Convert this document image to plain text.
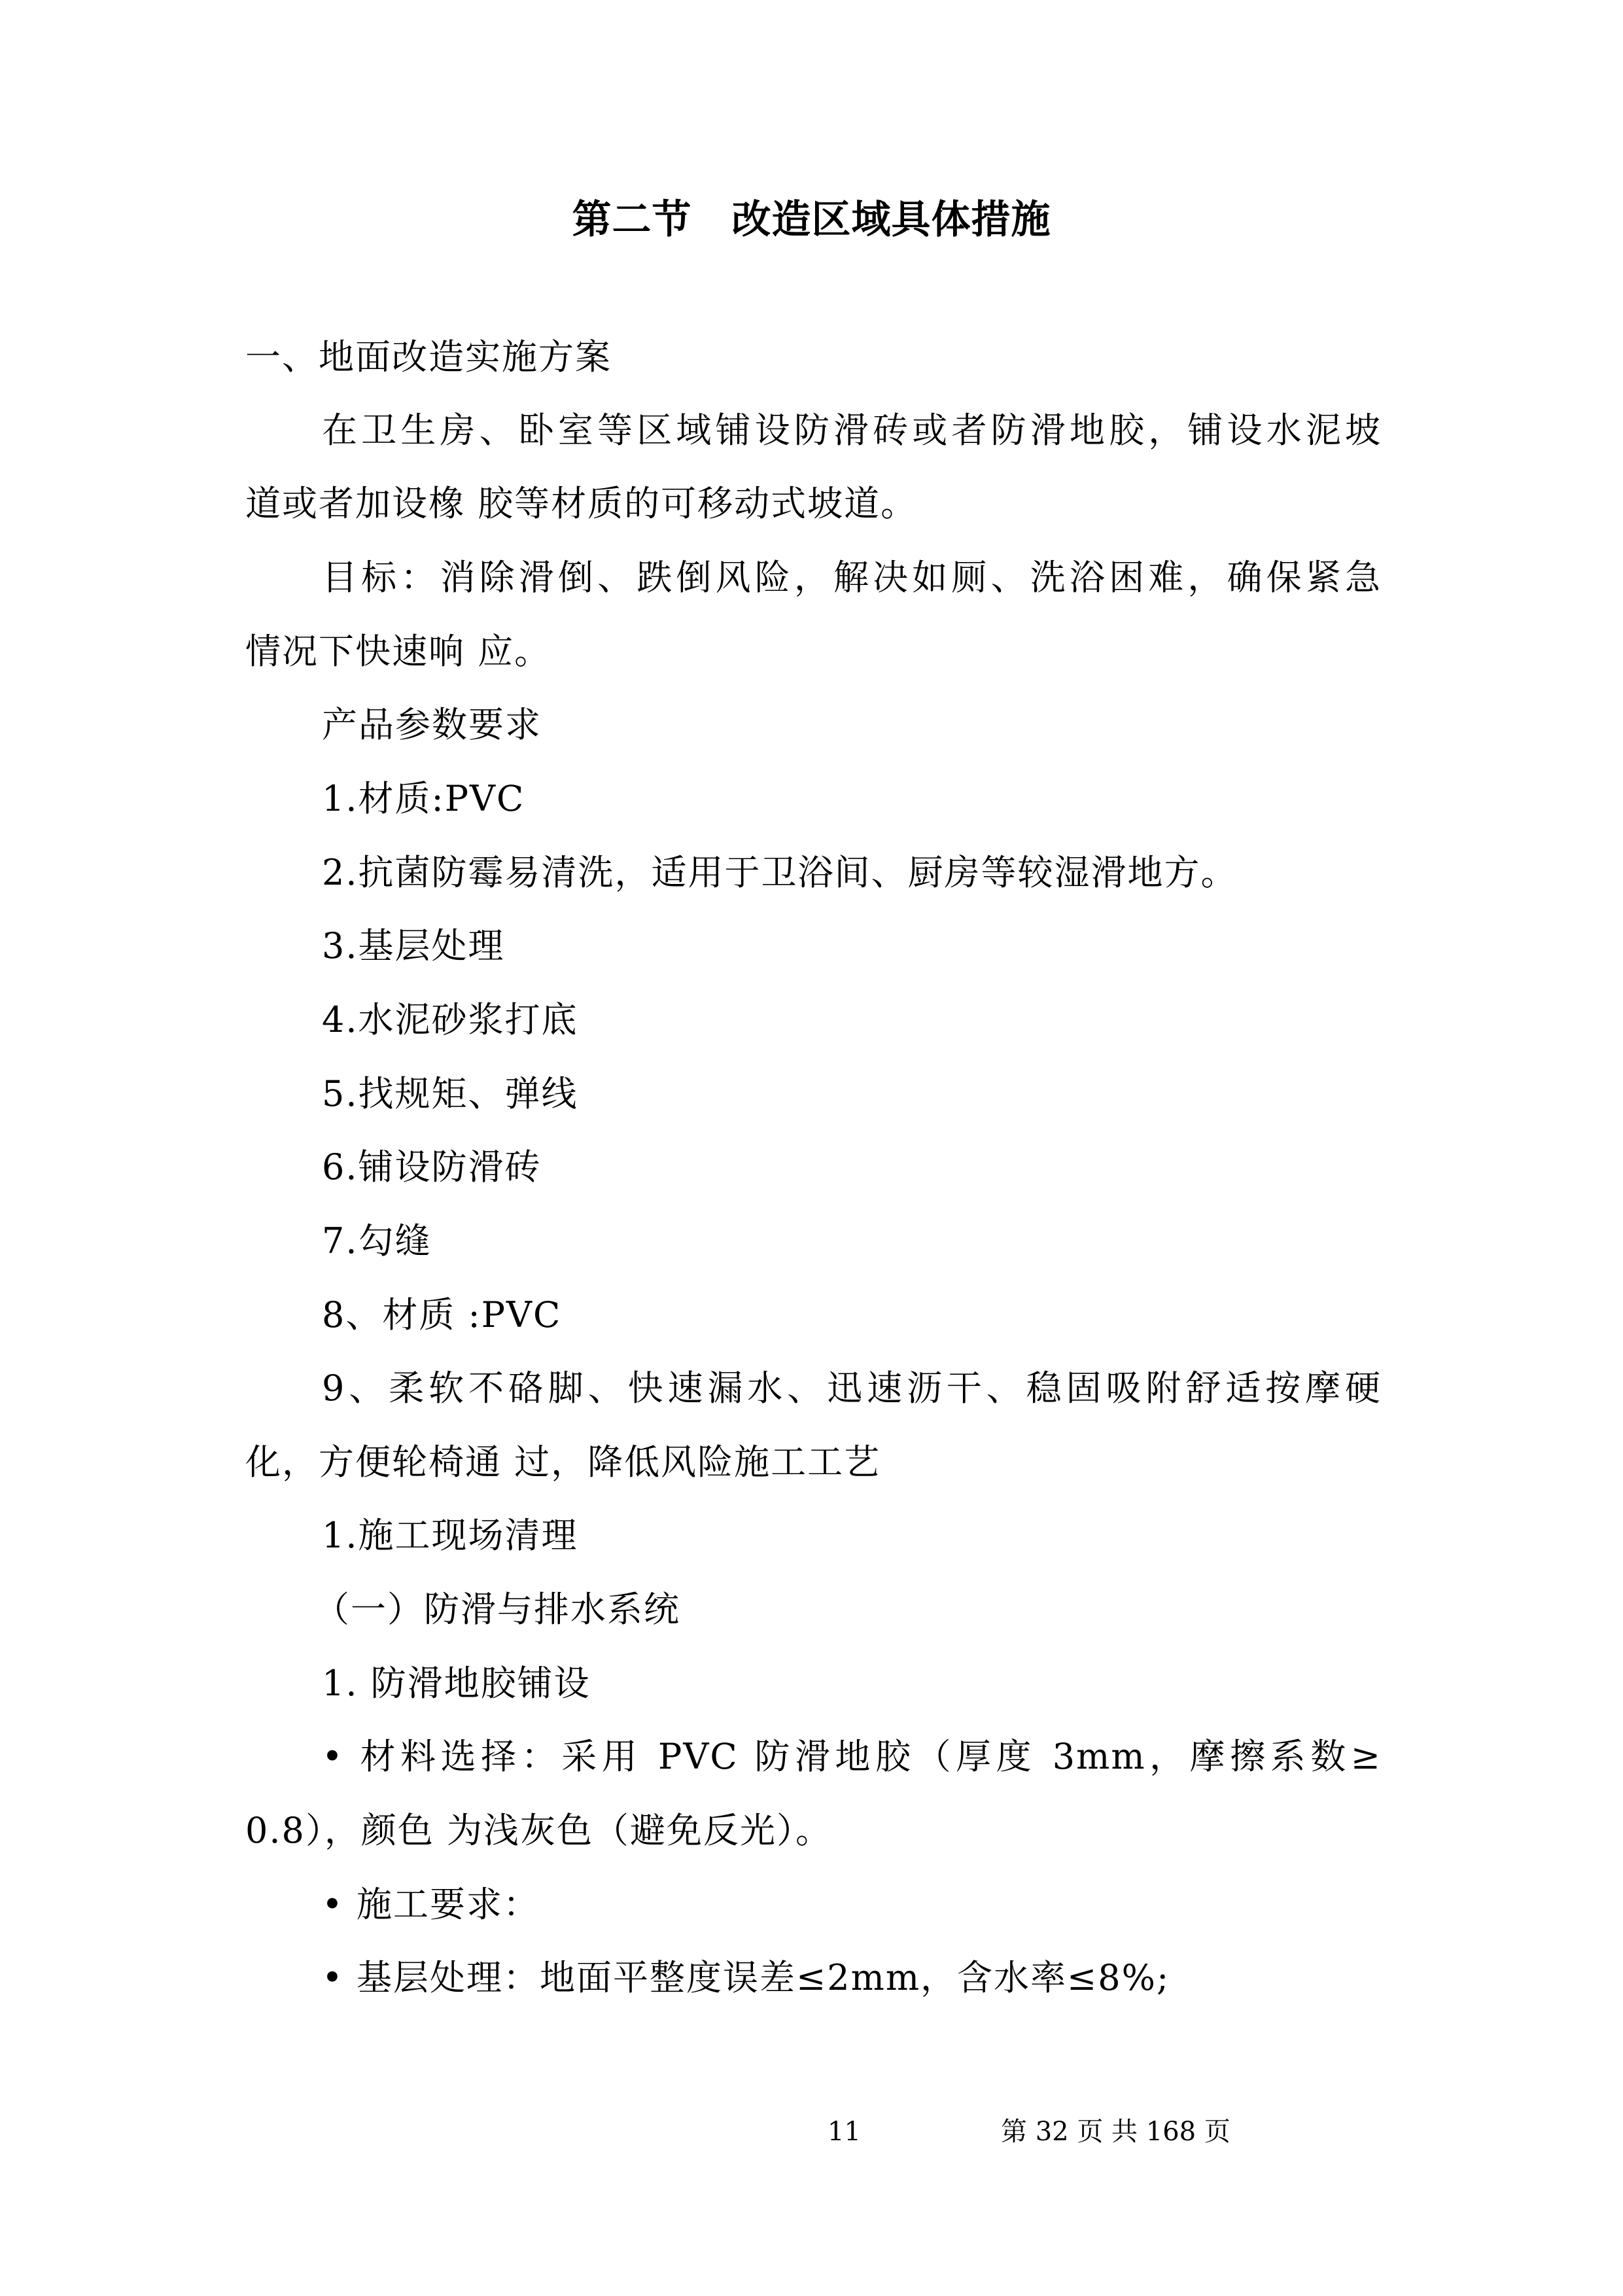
第二节　改造区域具体措施
一、地面改造实施方案
在卫生房、卧室等区域铺设防滑砖或者防滑地胶，铺设水泥坡
道或者加设橡 胶等材质的可移动式坡道。
目标：消除滑倒、跌倒风险，解决如厕、洗浴困难，确保紧急
情况下快速响 应。
产品参数要求
1.材质:PVC
2.抗菌防霉易清洗，适用于卫浴间、厨房等较湿滑地方。
3.基层处理
4.水泥砂浆打底
5.找规矩、弹线
6.铺设防滑砖
7.勾缝
8、材质 :PVC
9、柔软不硌脚、快速漏水、迅速沥干、稳固吸附舒适按摩硬
化，方便轮椅通 过，降低风险施工工艺
1.施工现场清理
（一）防滑与排水系统
1. 防滑地胶铺设
• 材料选择：采用 PVC 防滑地胶（厚度 3mm，摩擦系数≥
0.8），颜色 为浅灰色（避免反光）。
• 施工要求：
• 基层处理：地面平整度误差≤2mm，含水率≤8%;
11	第 32 页 共 168 页
